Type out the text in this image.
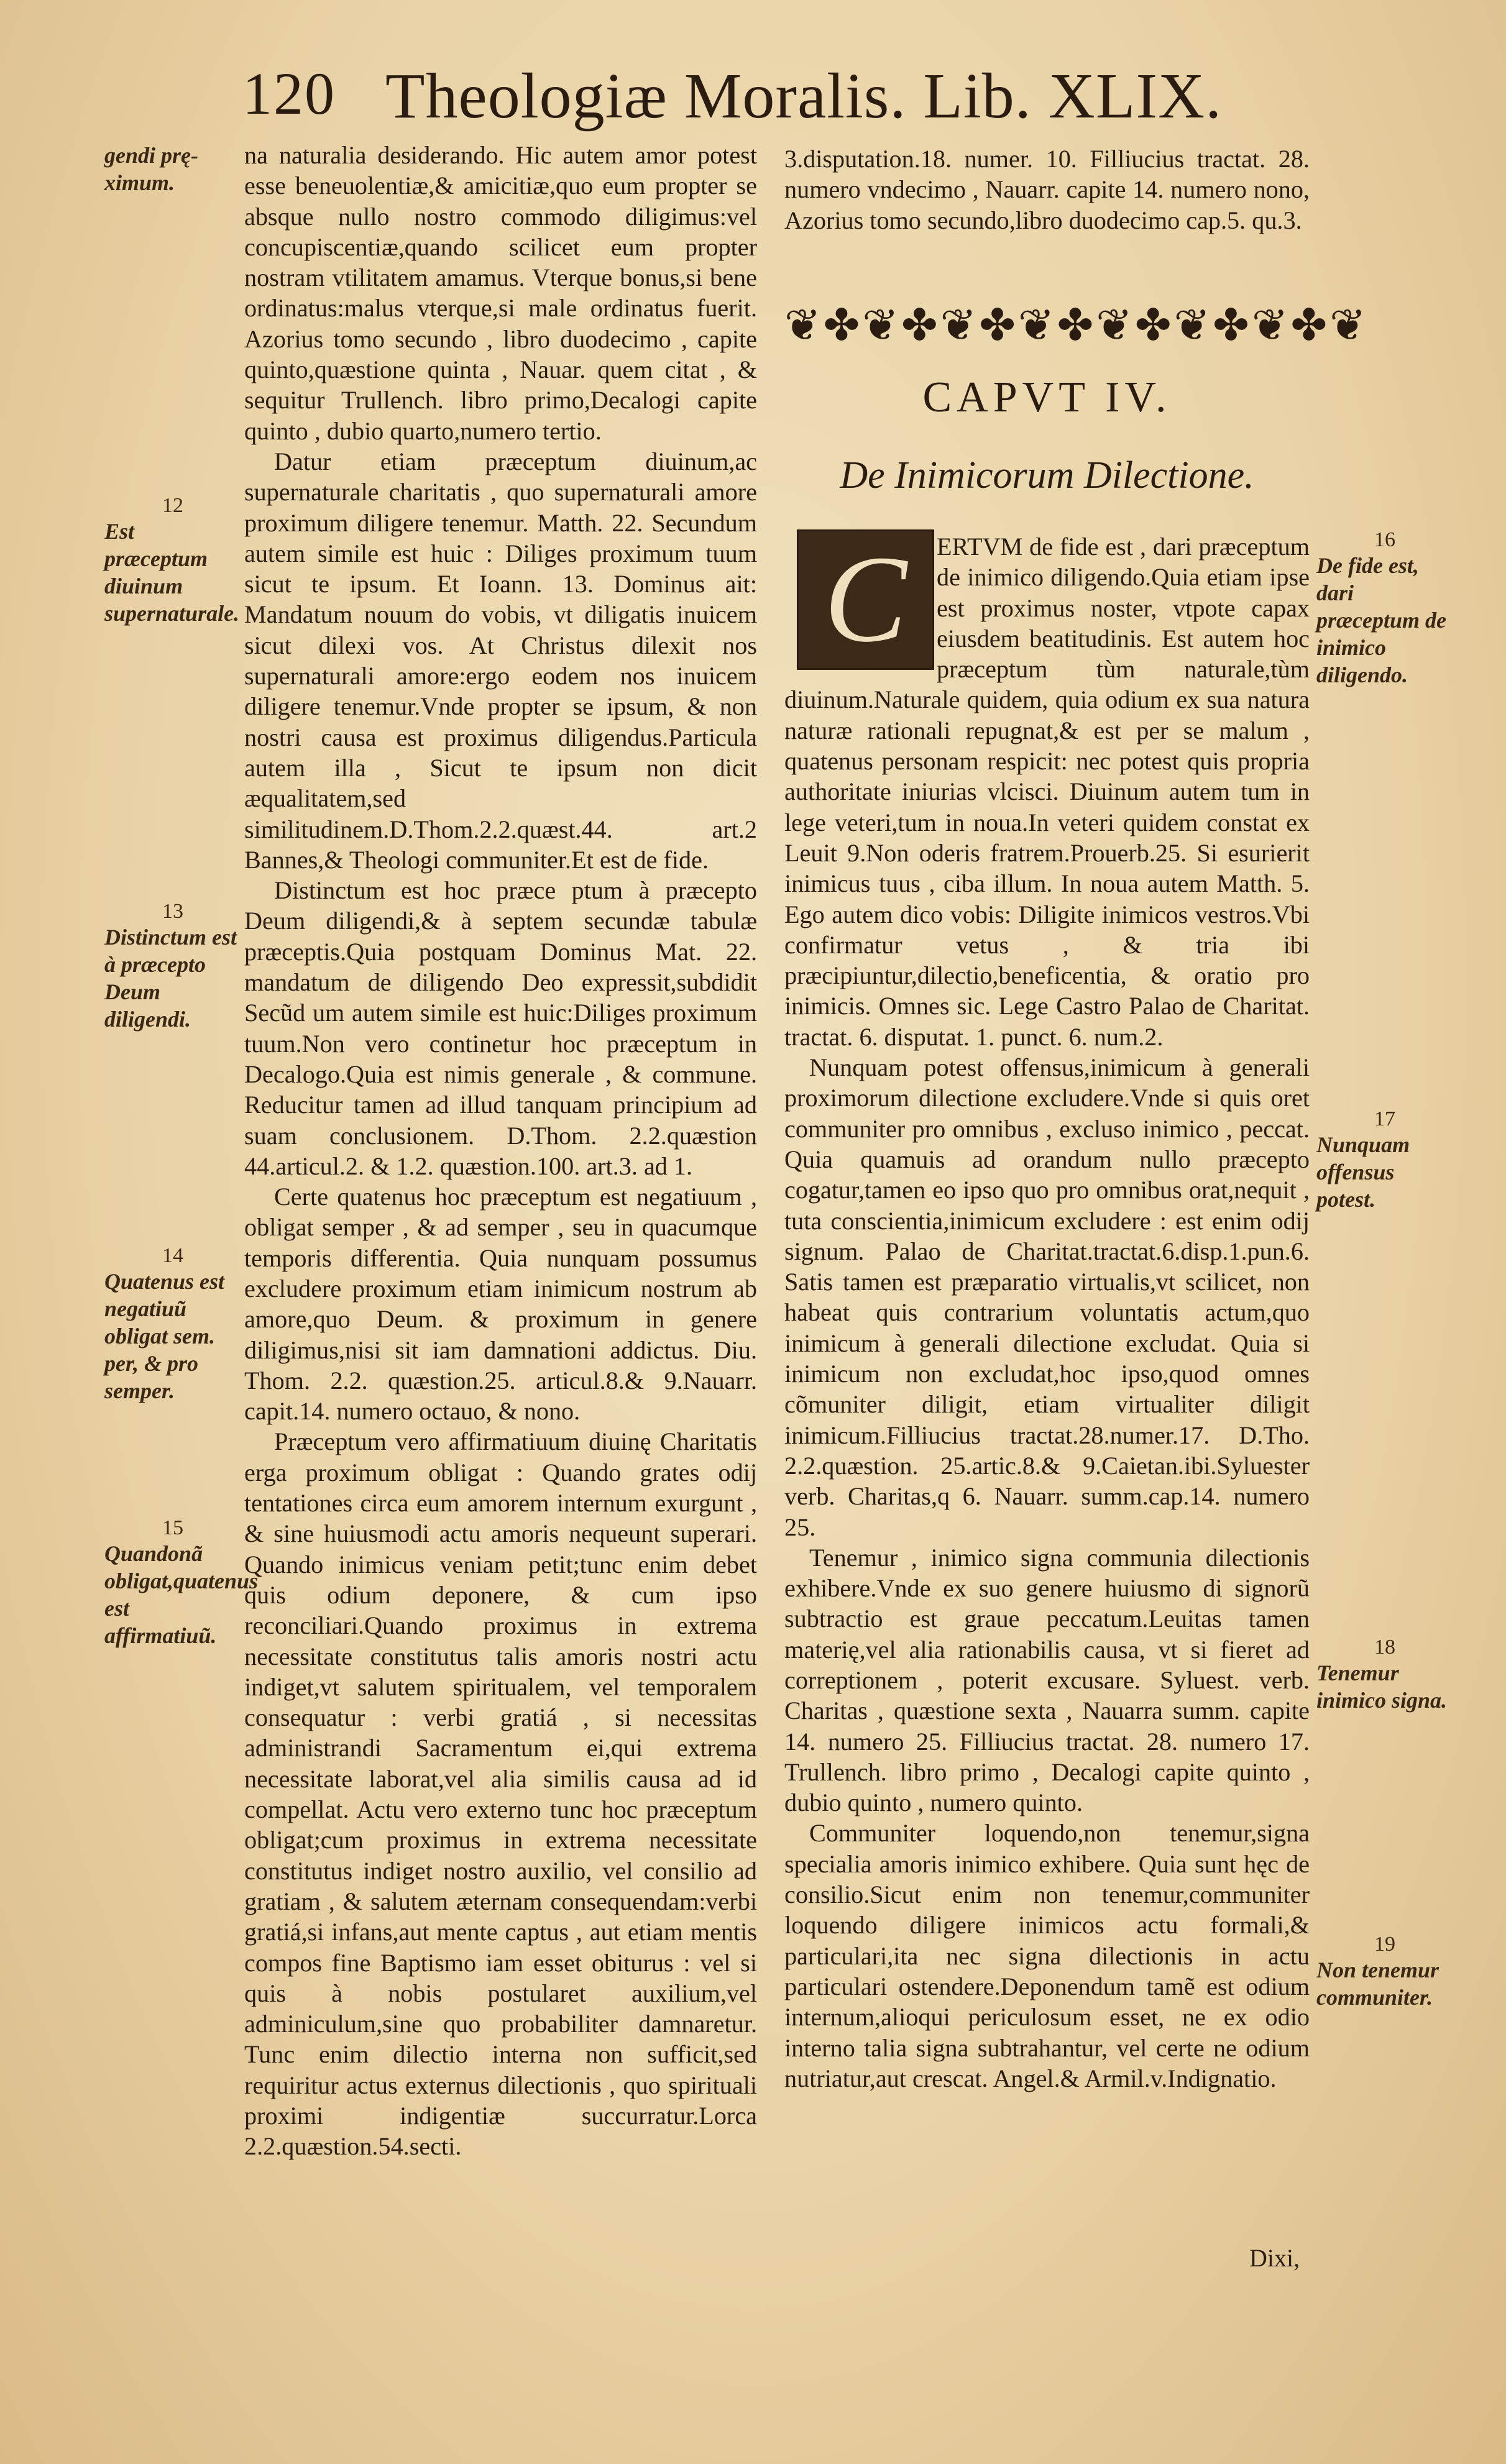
120 Theologiæ Moralis. Lib. XLIX.

na naturalia desiderando. Hic autem amor potest esse beneuolentiæ,& amicitiæ,quo eum propter se absque nullo nostro commodo diligimus:vel concupiscentiæ,quando scilicet eum propter nostram vtilitatem amamus. Vterque bonus,si bene ordinatus:malus vterque,si male ordinatus fuerit. Azorius tomo secundo , libro duodecimo , capite quinto,quæstione quinta , Nauar. quem citat , & sequitur Trullench. libro primo,Decalogi capite quinto , dubio quarto,numero tertio.

Datur etiam præceptum diuinum,ac supernaturale charitatis , quo supernaturali amore proximum diligere tenemur. Matth. 22. Secundum autem simile est huic : Diliges proximum tuum sicut te ipsum. Et Ioann. 13. Dominus ait: Mandatum nouum do vobis, vt diligatis inuicem sicut dilexi vos. At Christus dilexit nos supernaturali amore:ergo eodem nos inuicem diligere tenemur.Vnde propter se ipsum, & non nostri causa est proximus diligendus.Particula autem illa , Sicut te ipsum non dicit æqualitatem,sed similitudinem.D.Thom.2.2.quæst.44. art.2 Bannes,& Theologi communiter.Et est de fide.

Distinctum est hoc præce ptum à præcepto Deum diligendi,& à septem secundæ tabulæ præceptis.Quia postquam Dominus Mat. 22. mandatum de diligendo Deo expressit,subdidit Secũd um autem simile est huic:Diliges proximum tuum.Non vero continetur hoc præceptum in Decalogo.Quia est nimis generale , & commune. Reducitur tamen ad illud tanquam principium ad suam conclusionem. D.Thom. 2.2.quæstion 44.articul.2. & 1.2. quæstion.100. art.3. ad 1.

Certe quatenus hoc præceptum est negatiuum , obligat semper , & ad semper , seu in quacumque temporis differentia. Quia nunquam possumus excludere proximum etiam inimicum nostrum ab amore,quo Deum. & proximum in genere diligimus,nisi sit iam damnationi addictus. Diu. Thom. 2.2. quæstion.25. articul.8.& 9.Nauarr. capit.14. numero octauo, & nono.

Præceptum vero affirmatiuum diuinę Charitatis erga proximum obligat : Quando grates odij tentationes circa eum amorem internum exurgunt , & sine huiusmodi actu amoris nequeunt superari. Quando inimicus veniam petit;tunc enim debet quis odium deponere, & cum ipso reconciliari.Quando proximus in extrema necessitate constitutus talis amoris nostri actu indiget,vt salutem spiritualem, vel temporalem consequatur : verbi gratiá , si necessitas administrandi Sacramentum ei,qui extrema necessitate laborat,vel alia similis causa ad id compellat. Actu vero externo tunc hoc præceptum obligat;cum proximus in extrema necessitate constitutus indiget nostro auxilio, vel consilio ad gratiam , & salutem æternam consequendam:verbi gratiá,si infans,aut mente captus , aut etiam mentis compos fine Baptismo iam esset obiturus : vel si quis à nobis postularet auxilium,vel adminiculum,sine quo probabiliter damnaretur. Tunc enim dilectio interna non sufficit,sed requiritur actus externus dilectionis , quo spirituali proximi indigentiæ succurratur.Lorca 2.2.quæstion.54.secti.

gendi prę-ximum.
12
Est præceptum diuinum supernaturale.
13
Distinctum est à præcepto Deum diligendi.
14
Quatenus est negatiuũ obligat sem. per, & pro semper.
15
Quandonã obligat,quatenus est affirmatiuũ.

3.disputation.18. numer. 10. Filliucius tractat. 28. numero vndecimo , Nauarr. capite 14. numero nono, Azorius tomo secundo,libro duodecimo cap.5. qu.3.

❦✤❦✤❦✤❦✤❦✤❦✤❦✤❦
CAPVT IV.
De Inimicorum Dilectione.
C	ERTVM de fide est , dari præceptum de inimico diligendo.Quia etiam ipse est proximus noster, vtpote capax eiusdem beatitudinis. Est autem hoc præceptum tùm naturale,tùm diuinum.Naturale quidem, quia odium ex sua natura naturæ rationali repugnat,& est per se malum , quatenus personam respicit: nec potest quis propria authoritate iniurias vlcisci. Diuinum autem tum in lege veteri,tum in noua.In veteri quidem constat ex Leuit 9.Non oderis fratrem.Prouerb.25. Si esurierit inimicus tuus , ciba illum. In noua autem Matth. 5. Ego autem dico vobis: Diligite inimicos vestros.Vbi confirmatur vetus , & tria ibi præcipiuntur,dilectio,beneficentia, & oratio pro inimicis. Omnes sic. Lege Castro Palao de Charitat. tractat. 6. disputat. 1. punct. 6. num.2.

Nunquam potest offensus,inimicum à generali proximorum dilectione excludere.Vnde si quis oret communiter pro omnibus , excluso inimico , peccat. Quia quamuis ad orandum nullo præcepto cogatur,tamen eo ipso quo pro omnibus orat,nequit , tuta conscientia,inimicum excludere : est enim odij signum. Palao de Charitat.tractat.6.disp.1.pun.6. Satis tamen est præparatio virtualis,vt scilicet, non habeat quis contrarium voluntatis actum,quo inimicum à generali dilectione excludat. Quia si inimicum non excludat,hoc ipso,quod omnes cõmuniter diligit, etiam virtualiter diligit inimicum.Filliucius tractat.28.numer.17. D.Tho. 2.2.quæstion. 25.artic.8.& 9.Caietan.ibi.Syluester verb. Charitas,q 6. Nauarr. summ.cap.14. numero 25.

Tenemur , inimico signa communia dilectionis exhibere.Vnde ex suo genere huiusmo di signorũ subtractio est graue peccatum.Leuitas tamen materię,vel alia rationabilis causa, vt si fieret ad correptionem , poterit excusare. Syluest. verb. Charitas , quæstione sexta , Nauarra summ. capite 14. numero 25. Filliucius tractat. 28. numero 17. Trullench. libro primo , Decalogi capite quinto , dubio quinto , numero quinto.

Communiter loquendo,non tenemur,signa specialia amoris inimico exhibere. Quia sunt hęc de consilio.Sicut enim non tenemur,communiter loquendo diligere inimicos actu formali,& particulari,ita nec signa dilectionis in actu particulari ostendere.Deponendum tamẽ est odium internum,alioqui periculosum esset, ne ex odio interno talia signa subtrahantur, vel certe ne odium nutriatur,aut crescat. Angel.& Armil.v.Indignatio.

16
De fide est, dari præceptum de inimico diligendo.
17
Nunquam offensus potest.
18
Tenemur inimico signa.
19
Non tenemur communiter.
Dixi,
